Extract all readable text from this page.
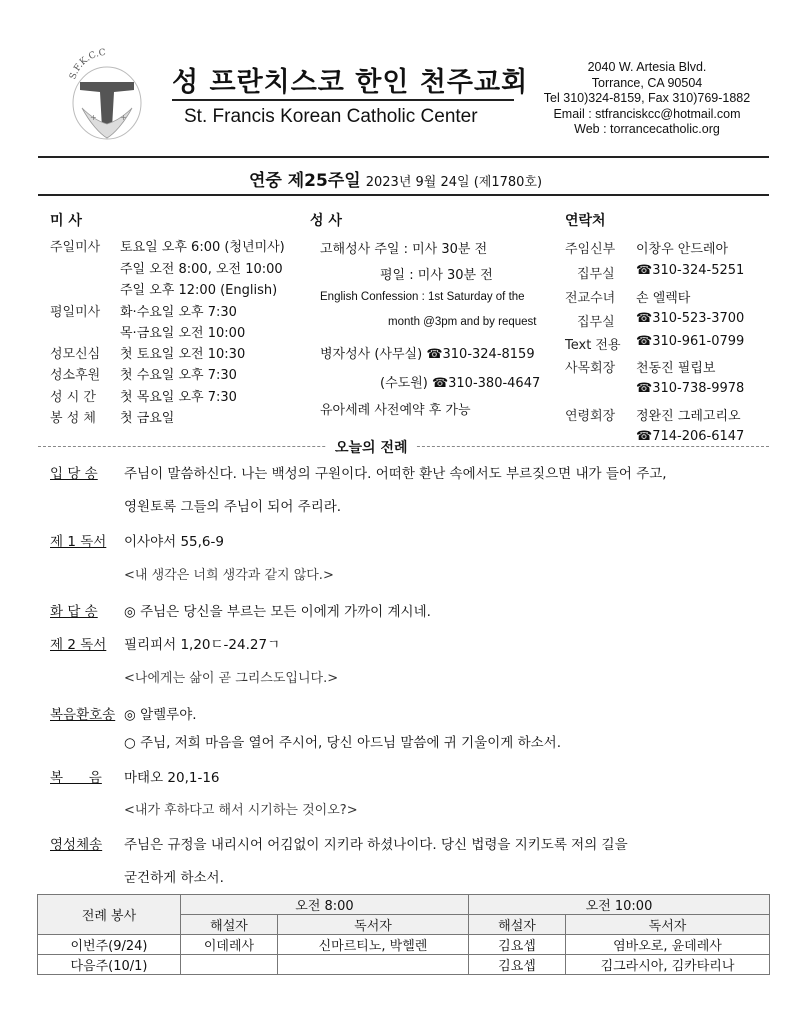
S.F.K.C.C
+	+
성 프란치스코 한인 천주교회
St. Francis Korean Catholic Center
2040 W. Artesia Blvd.
Torrance, CA 90504
Tel 310)324-8159, Fax 310)769-1882
Email : stfranciskcc@hotmail.com
Web : torrancecatholic.org
연중 제25주일 2023년 9월 24일 (제1780호)
미 사
주일미사 토요일 오후 6:00 (청년미사)
주일 오전 8:00, 오전 10:00
주일 오후 12:00 (English)
평일미사 화·수요일 오후 7:30
목·금요일 오전 10:00
성모신심 첫 토요일 오전 10:30
성소후원 첫 수요일 오후 7:30
성 시 간 첫 목요일 오후 7:30
봉 성 체 첫 금요일
성 사
고해성사 주일 : 미사 30분 전
평일 : 미사 30분 전
English Confession : 1st Saturday of the
month @3pm and by request
병자성사 (사무실) ☎310-324-8159
(수도원) ☎310-380-4647
유아세례 사전예약 후 가능
연락처
주임신부 이창우 안드레아
집무실 ☎310-324-5251
전교수녀 손 엘렉타
집무실 ☎310-523-3700
Text 전용 ☎310-961-0799
사목회장 천동진 필립보
☎310-738-9978
연령회장 정완진 그레고리오
☎714-206-6147
오늘의 전례
입 당 송 주님이 말씀하신다. 나는 백성의 구원이다. 어떠한 환난 속에서도 부르짖으면 내가 들어 주고,
영원토록 그들의 주님이 되어 주리라.
제 1 독서 이사야서 55,6-9
<내 생각은 너희 생각과 같지 않다.>
화 답 송 ◎ 주님은 당신을 부르는 모든 이에게 가까이 계시네.
제 2 독서 필리피서 1,20ㄷ-24.27ㄱ
<나에게는 삶이 곧 그리스도입니다.>
복음환호송 ◎ 알렐루야.
○ 주님, 저희 마음을 열어 주시어, 당신 아드님 말씀에 귀 기울이게 하소서.
복      음 마태오 20,1-16
<내가 후하다고 해서 시기하는 것이오?>
영성체송 주님은 규정을 내리시어 어김없이 지키라 하셨나이다. 당신 법령을 지키도록 저의 길을
굳건하게 하소서.
전례 봉사	오전 8:00		오전 10:00	
	해설자	독서자	해설자	독서자
이번주(9/24)	이데레사	신마르티노, 박헬렌	김요셉	염바오로, 윤데레사
다음주(10/1)			김요셉	김그라시아, 김카타리나
